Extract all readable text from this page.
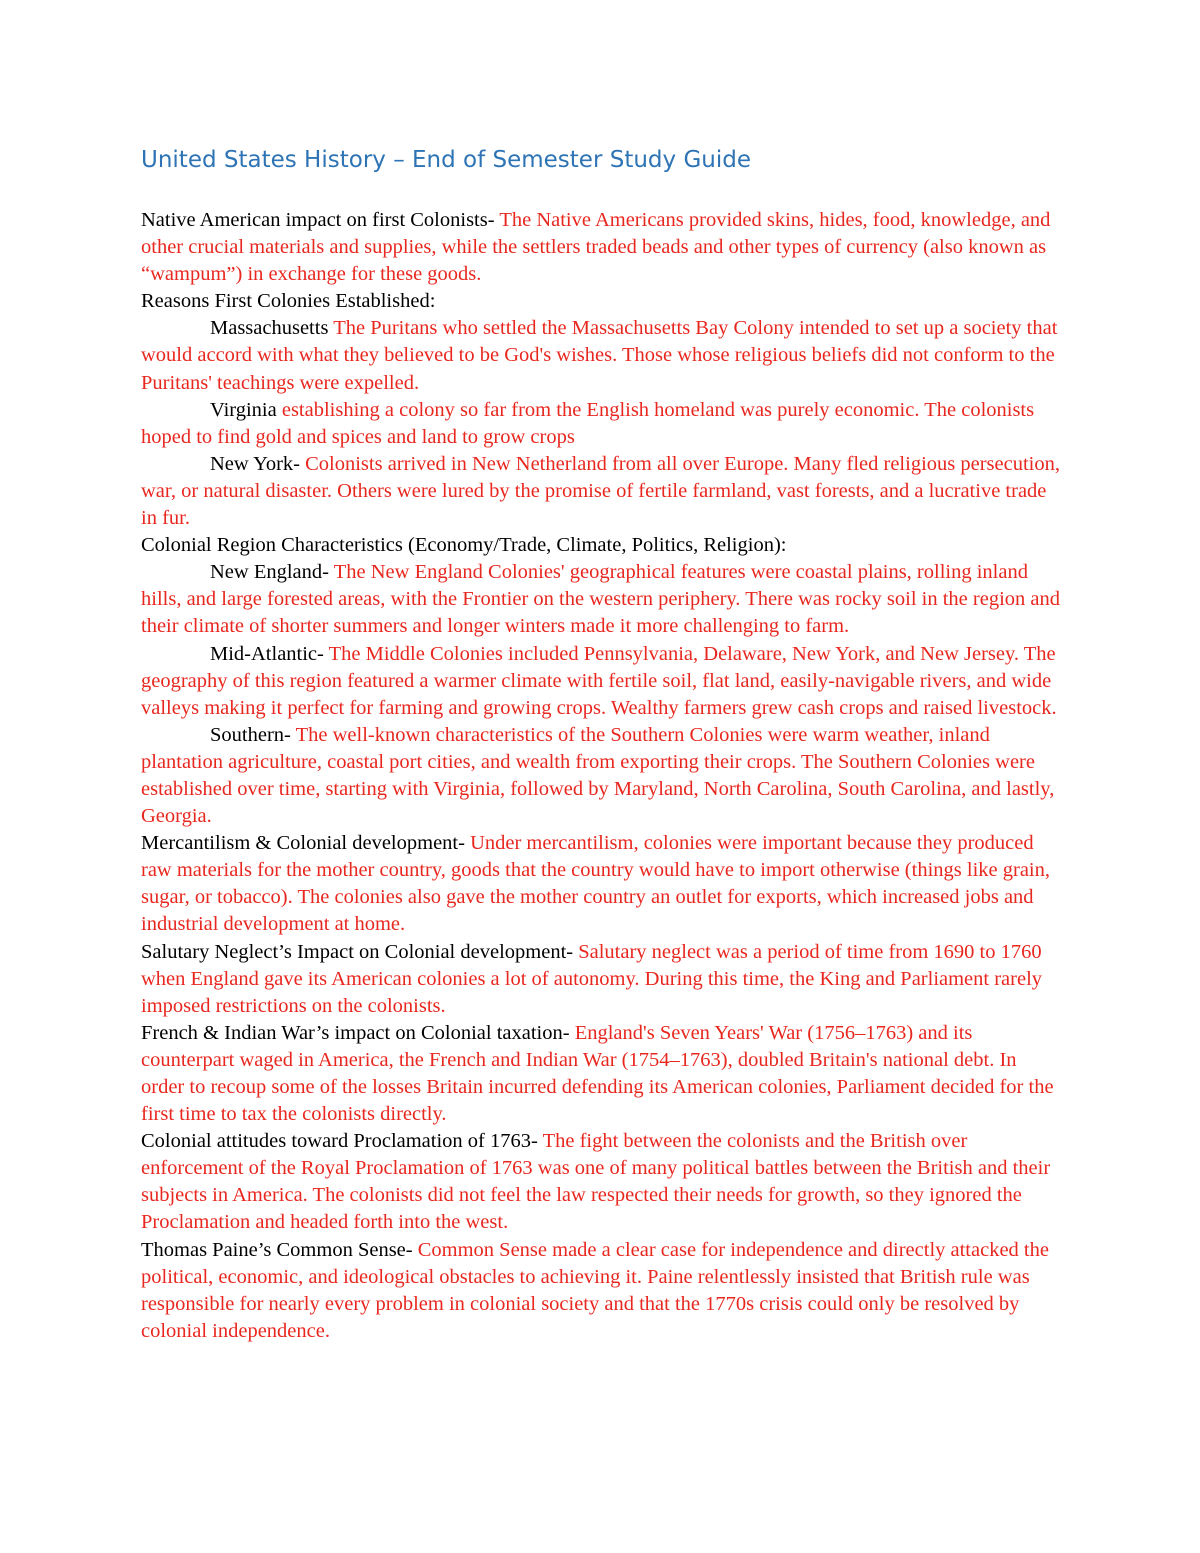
United States History – End of Semester Study Guide

Native American impact on first Colonists- The Native Americans provided skins, hides, food, knowledge, and other crucial materials and supplies, while the settlers traded beads and other types of currency (also known as “wampum”) in exchange for these goods.

Reasons First Colonies Established:

Massachusetts The Puritans who settled the Massachusetts Bay Colony intended to set up a society that would accord with what they believed to be God's wishes. Those whose religious beliefs did not conform to the Puritans' teachings were expelled.

Virginia establishing a colony so far from the English homeland was purely economic. The colonists hoped to find gold and spices and land to grow crops

New York- Colonists arrived in New Netherland from all over Europe. Many fled religious persecution, war, or natural disaster. Others were lured by the promise of fertile farmland, vast forests, and a lucrative trade in fur.

Colonial Region Characteristics (Economy/Trade, Climate, Politics, Religion):

New England- The New England Colonies' geographical features were coastal plains, rolling inland hills, and large forested areas, with the Frontier on the western periphery. There was rocky soil in the region and their climate of shorter summers and longer winters made it more challenging to farm.

Mid-Atlantic- The Middle Colonies included Pennsylvania, Delaware, New York, and New Jersey. The geography of this region featured a warmer climate with fertile soil, flat land, easily-navigable rivers, and wide valleys making it perfect for farming and growing crops. Wealthy farmers grew cash crops and raised livestock.

Southern- The well-known characteristics of the Southern Colonies were warm weather, inland plantation agriculture, coastal port cities, and wealth from exporting their crops. The Southern Colonies were established over time, starting with Virginia, followed by Maryland, North Carolina, South Carolina, and lastly, Georgia.

Mercantilism & Colonial development- Under mercantilism, colonies were important because they produced raw materials for the mother country, goods that the country would have to import otherwise (things like grain, sugar, or tobacco). The colonies also gave the mother country an outlet for exports, which increased jobs and industrial development at home.

Salutary Neglect’s Impact on Colonial development- Salutary neglect was a period of time from 1690 to 1760 when England gave its American colonies a lot of autonomy. During this time, the King and Parliament rarely imposed restrictions on the colonists.

French & Indian War’s impact on Colonial taxation- England's Seven Years' War (1756–1763) and its counterpart waged in America, the French and Indian War (1754–1763), doubled Britain's national debt. In order to recoup some of the losses Britain incurred defending its American colonies, Parliament decided for the first time to tax the colonists directly.

Colonial attitudes toward Proclamation of 1763- The fight between the colonists and the British over enforcement of the Royal Proclamation of 1763 was one of many political battles between the British and their subjects in America. The colonists did not feel the law respected their needs for growth, so they ignored the Proclamation and headed forth into the west.

Thomas Paine’s Common Sense- Common Sense made a clear case for independence and directly attacked the political, economic, and ideological obstacles to achieving it. Paine relentlessly insisted that British rule was responsible for nearly every problem in colonial society and that the 1770s crisis could only be resolved by colonial independence.
